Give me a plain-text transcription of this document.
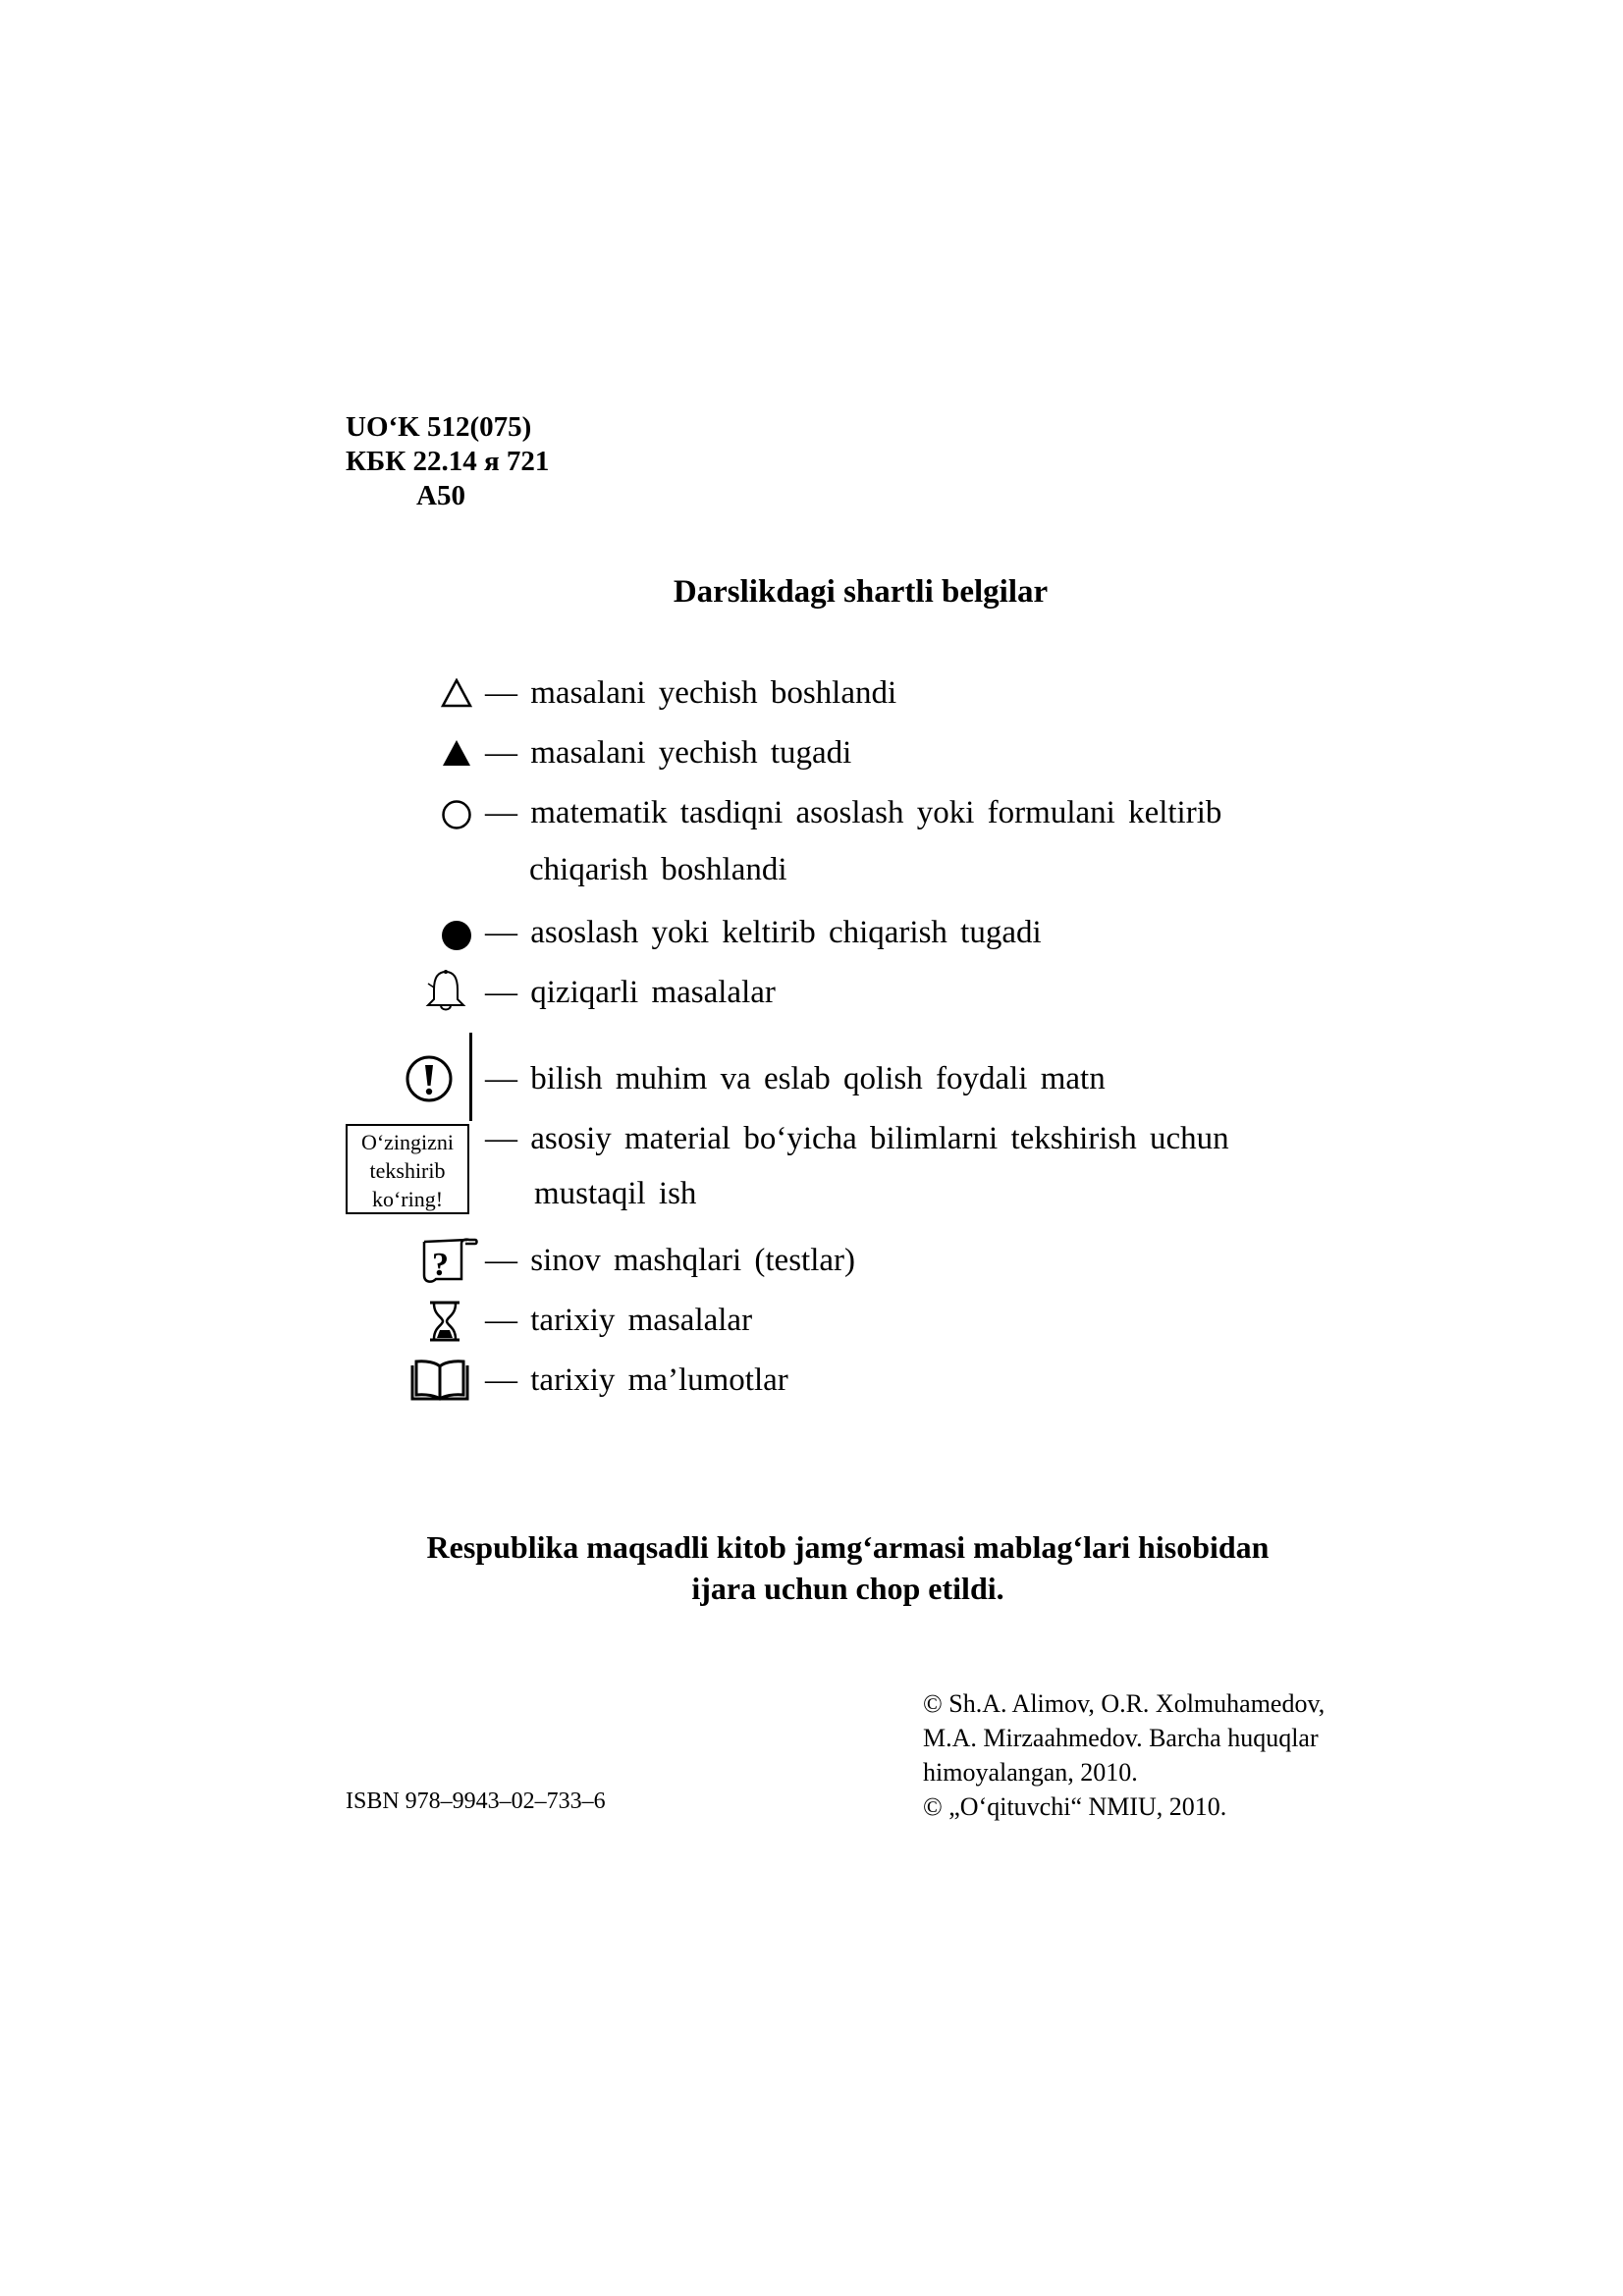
UO‘K 512(075)
КБК 22.14 я 721
A50
Darslikdagi shartli belgilar
— masalani yechish boshlandi
— masalani yechish tugadi
— matematik tasdiqni asoslash yoki formulani keltirib
chiqarish boshlandi
— asoslash yoki keltirib chiqarish tugadi
— qiziqarli masalalar
— bilish muhim va eslab qolish foydali matn
O‘zingizni
tekshirib
ko‘ring!
— asosiy material bo‘yicha bilimlarni tekshirish uchun
mustaqil ish
? — sinov mashqlari (testlar)
— tarixiy masalalar
— tarixiy ma’lumotlar
Respublika maqsadli kitob jamg‘armasi mablag‘lari hisobidan
ijara uchun chop etildi.
ISBN 978–9943–02–733–6
© Sh.A. Alimov, O.R. Xolmuhamedov,
M.A. Mirzaahmedov. Barcha huquqlar
himoyalangan, 2010.
© „O‘qituvchi“ NMIU, 2010.
